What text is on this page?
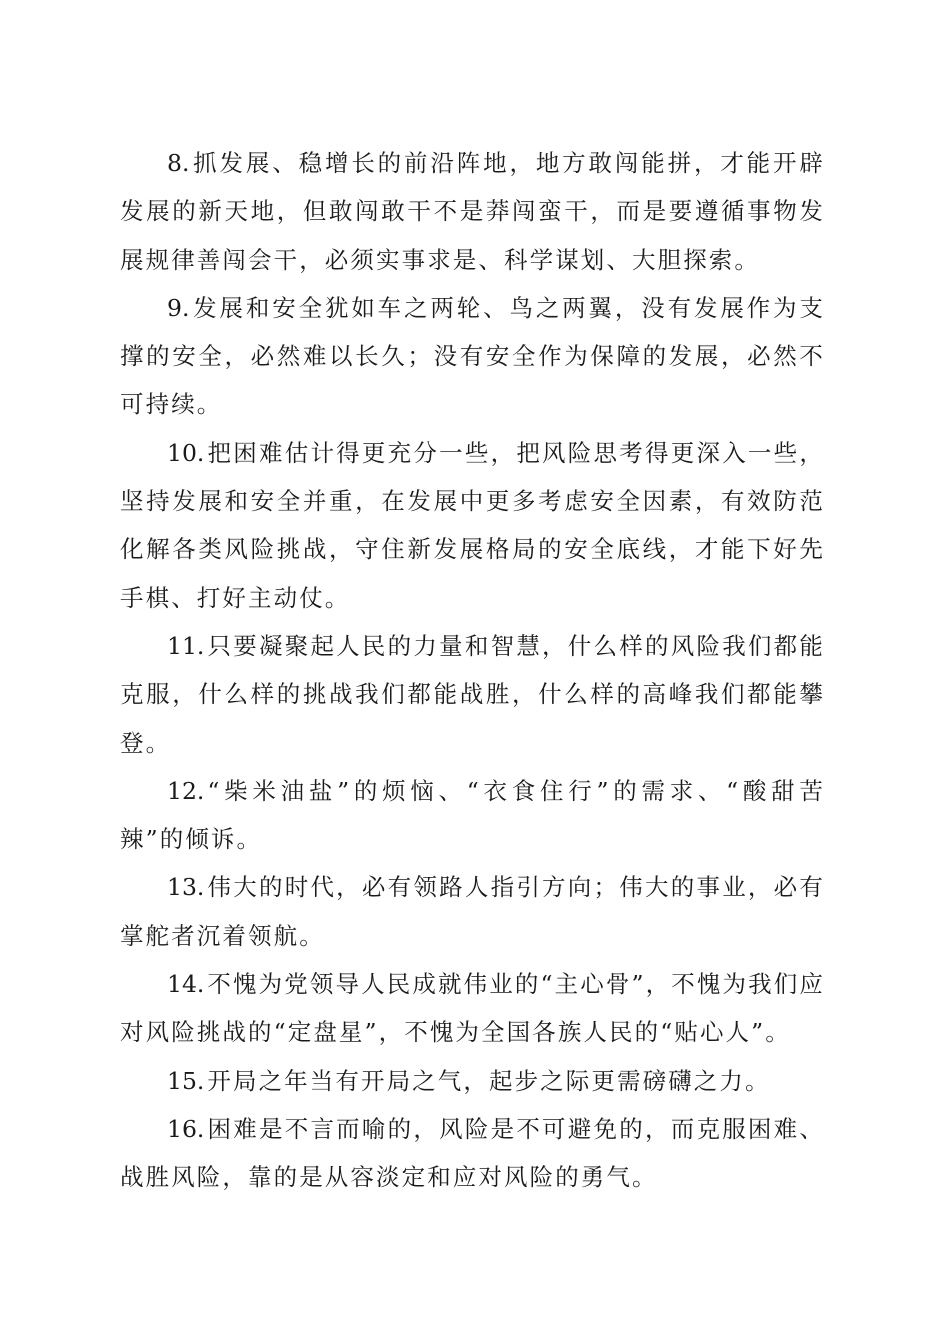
8. 抓发展、稳增长的前沿阵地，地方敢闯能拼，才能开辟发展的新天地，但敢闯敢干不是莽闯蛮干，而是要遵循事物发展规律善闯会干，必须实事求是、科学谋划、大胆探索。

9. 发展和安全犹如车之两轮、鸟之两翼，没有发展作为支撑的安全，必然难以长久；没有安全作为保障的发展，必然不可持续。

10. 把困难估计得更充分一些，把风险思考得更深入一些，坚持发展和安全并重，在发展中更多考虑安全因素，有效防范化解各类风险挑战，守住新发展格局的安全底线，才能下好先手棋、打好主动仗。

11. 只要凝聚起人民的力量和智慧，什么样的风险我们都能克服，什么样的挑战我们都能战胜，什么样的高峰我们都能攀登。

12. “柴米油盐”的烦恼、“衣食住行”的需求、“酸甜苦辣”的倾诉。

13. 伟大的时代，必有领路人指引方向；伟大的事业，必有掌舵者沉着领航。

14. 不愧为党领导人民成就伟业的“主心骨”，不愧为我们应对风险挑战的“定盘星”，不愧为全国各族人民的“贴心人”。

15. 开局之年当有开局之气，起步之际更需磅礴之力。

16. 困难是不言而喻的，风险是不可避免的，而克服困难、战胜风险，靠的是从容淡定和应对风险的勇气。
